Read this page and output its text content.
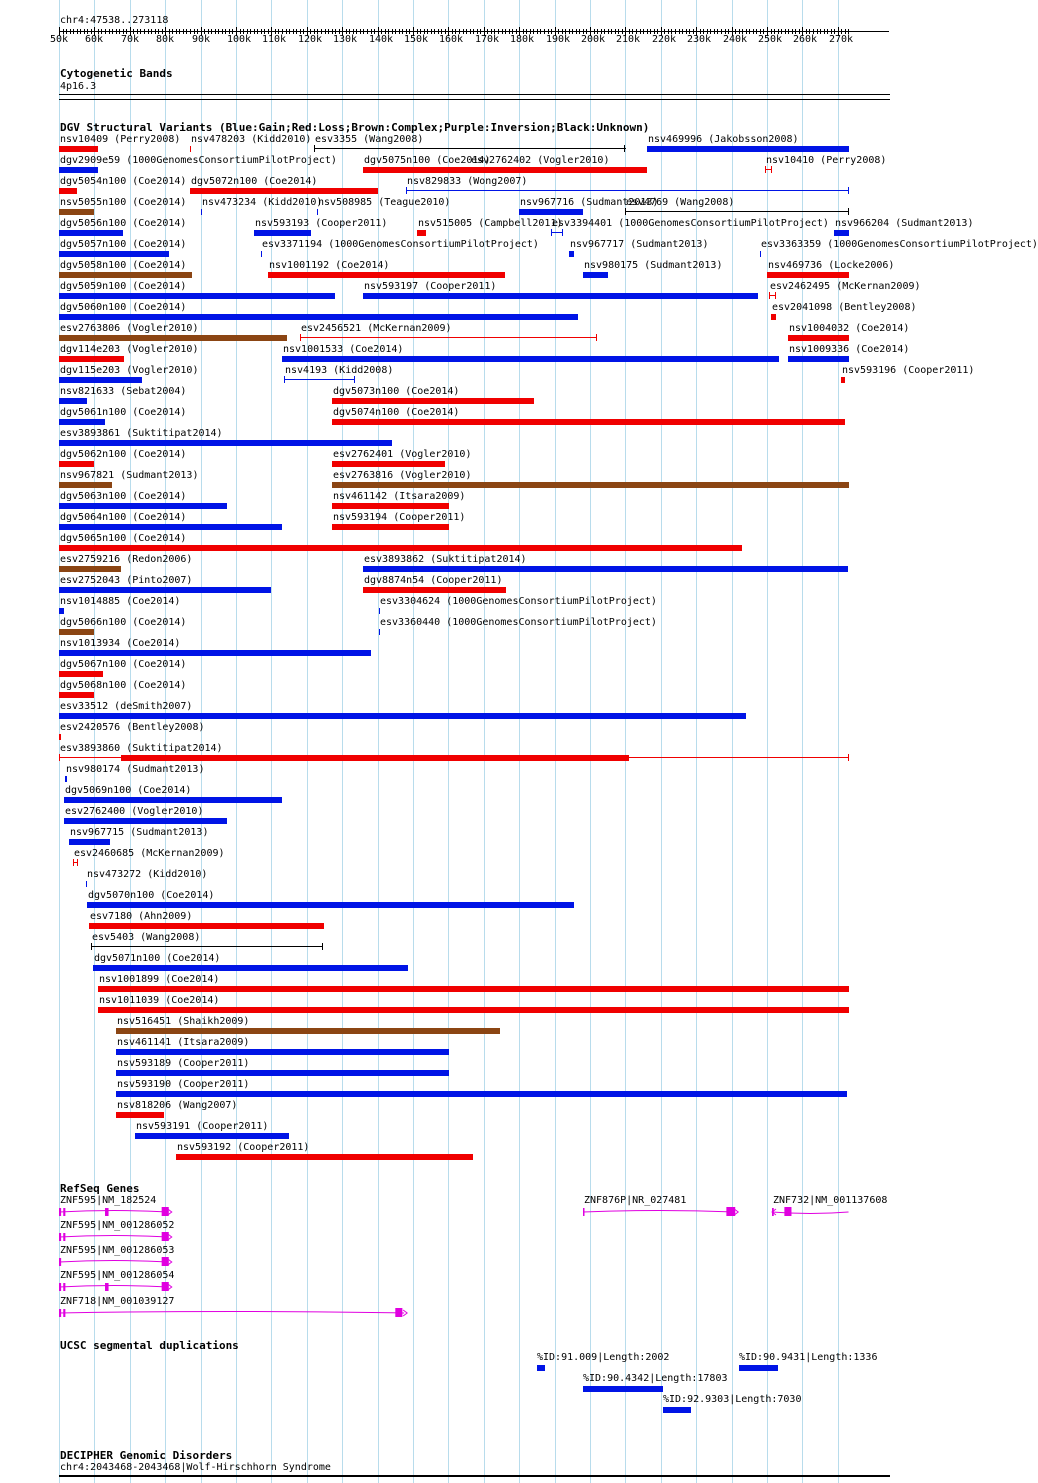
chr4:47538..273118
50k 60k 70k 80k 90k 100k 110k 120k 130k 140k 150k 160k 170k 180k 190k 200k 210k 220k 230k 240k 250k 260k 270k
Cytogenetic Bands
4p16.3
DGV Structural Variants (Blue:Gain;Red:Loss;Brown:Complex;Purple:Inversion;Black:Unknown)
nsv10409 (Perry2008) nsv478203 (Kidd2010) esv3355 (Wang2008)	nsv469996 (Jakobsson2008)
dgv2909e59 (1000GenomesConsortiumPilotProject)	dgv5075n100 (Coe2014)
esv2762402 (Vogler2010)	nsv10410 (Perry2008)
dgv5054n100 (Coe2014) dgv5072n100 (Coe2014)	nsv829833 (Wong2007)
nsv5055n100 (Coe2014) nsv473234 (Kidd2010)
nsv508985 (Teague2010)	nsv967716 (Sudmant2013)
esv4769 (Wang2008)
dgv5056n100 (Coe2014)	nsv593193 (Cooper2011)	nsv515005 (Campbell2011)
esv3394401 (1000GenomesConsortiumPilotProject) nsv966204 (Sudmant2013)
dgv5057n100 (Coe2014)	esv3371194 (1000GenomesConsortiumPilotProject)	nsv967717 (Sudmant2013)	esv3363359 (1000GenomesConsortiumPilotProject)
dgv5058n100 (Coe2014)	nsv1001192 (Coe2014)	nsv980175 (Sudmant2013)	nsv469736 (Locke2006)
dgv5059n100 (Coe2014)	nsv593197 (Cooper2011)	esv2462495 (McKernan2009)
dgv5060n100 (Coe2014)	esv2041098 (Bentley2008)
esv2763806 (Vogler2010)	esv2456521 (McKernan2009)	nsv1004032 (Coe2014)
dgv114e203 (Vogler2010)	nsv1001533 (Coe2014)	nsv1009336 (Coe2014)
dgv115e203 (Vogler2010)	nsv4193 (Kidd2008)	nsv593196 (Cooper2011)
nsv821633 (Sebat2004)	dgv5073n100 (Coe2014)
dgv5061n100 (Coe2014)	dgv5074n100 (Coe2014)
esv3893861 (Suktitipat2014)
dgv5062n100 (Coe2014)	esv2762401 (Vogler2010)
nsv967821 (Sudmant2013)	esv2763816 (Vogler2010)
dgv5063n100 (Coe2014)	nsv461142 (Itsara2009)
dgv5064n100 (Coe2014)	nsv593194 (Cooper2011)
dgv5065n100 (Coe2014)
esv2759216 (Redon2006)	esv3893862 (Suktitipat2014)
esv2752043 (Pinto2007)	dgv8874n54 (Cooper2011)
nsv1014885 (Coe2014)	esv3304624 (1000GenomesConsortiumPilotProject)
dgv5066n100 (Coe2014)	esv3360440 (1000GenomesConsortiumPilotProject)
nsv1013934 (Coe2014)
dgv5067n100 (Coe2014)
dgv5068n100 (Coe2014)
esv33512 (deSmith2007)
esv2420576 (Bentley2008)
esv3893860 (Suktitipat2014)
nsv980174 (Sudmant2013)
dgv5069n100 (Coe2014)
esv2762400 (Vogler2010)
nsv967715 (Sudmant2013)
esv2460685 (McKernan2009)
nsv473272 (Kidd2010)
dgv5070n100 (Coe2014)
esv7180 (Ahn2009)
esv5403 (Wang2008)
dgv5071n100 (Coe2014)
nsv1001899 (Coe2014)
nsv1011039 (Coe2014)
nsv516451 (Shaikh2009)
nsv461141 (Itsara2009)
nsv593189 (Cooper2011)
nsv593190 (Cooper2011)
nsv818206 (Wang2007)
nsv593191 (Cooper2011)
nsv593192 (Cooper2011)
RefSeq Genes
ZNF595|NM_182524	ZNF876P|NR_027481	ZNF732|NM_001137608
ZNF595|NM_001286052
ZNF595|NM_001286053
ZNF595|NM_001286054
ZNF718|NM_001039127
UCSC segmental duplications
%ID:91.009|Length:2002	%ID:90.9431|Length:1336
%ID:90.4342|Length:17803
%ID:92.9303|Length:7030
DECIPHER Genomic Disorders
chr4:2043468-2043468|Wolf-Hirschhorn Syndrome
